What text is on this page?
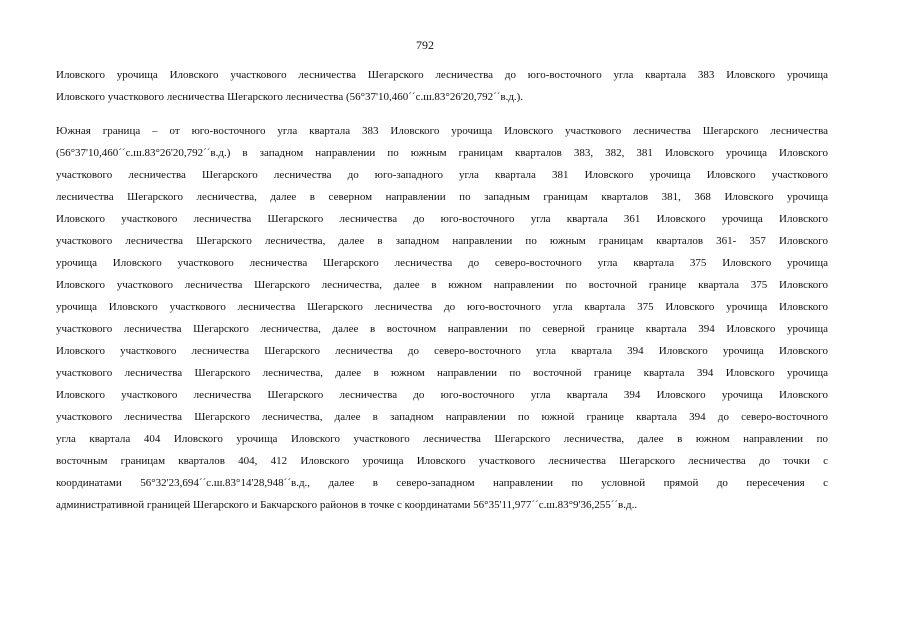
792
Иловского урочища Иловского участкового лесничества Шегарского лесничества до юго-восточного угла квартала 383 Иловского урочища
Иловского участкового лесничества Шегарского лесничества (56°37'10,460´´с.ш.83°26'20,792´´в.д.).
Южная граница – от юго-восточного угла квартала 383 Иловского урочища Иловского участкового лесничества Шегарского лесничества
(56°37'10,460´´с.ш.83°26'20,792´´в.д.) в западном направлении по южным границам кварталов 383, 382, 381 Иловского урочища Иловского
участкового лесничества Шегарского лесничества до юго-западного угла квартала 381 Иловского урочища Иловского участкового
лесничества Шегарского лесничества, далее в северном направлении по западным границам кварталов 381, 368 Иловского урочища
Иловского участкового лесничества Шегарского лесничества до юго-восточного угла квартала 361 Иловского урочища Иловского
участкового лесничества Шегарского лесничества, далее в западном направлении по южным границам кварталов 361- 357 Иловского
урочища Иловского участкового лесничества Шегарского лесничества до северо-восточного угла квартала 375 Иловского урочища
Иловского участкового лесничества Шегарского лесничества, далее в южном направлении по восточной границе квартала 375 Иловского
урочища Иловского участкового лесничества Шегарского лесничества до юго-восточного угла квартала 375 Иловского урочища Иловского
участкового лесничества Шегарского лесничества, далее в восточном направлении по северной границе квартала 394 Иловского урочища
Иловского участкового лесничества Шегарского лесничества до северо-восточного угла квартала 394 Иловского урочища Иловского
участкового лесничества Шегарского лесничества, далее в южном направлении по восточной границе квартала 394 Иловского урочища
Иловского участкового лесничества Шегарского лесничества до юго-восточного угла квартала 394 Иловского урочища Иловского
участкового лесничества Шегарского лесничества, далее в западном направлении по южной границе квартала 394 до северо-восточного
угла квартала 404 Иловского урочища Иловского участкового лесничества Шегарского лесничества, далее в южном направлении по
восточным границам кварталов 404, 412 Иловского урочища Иловского участкового лесничества Шегарского лесничества до точки с
координатами 56°32'23,694´´с.ш.83°14'28,948´´в.д., далее в северо-западном направлении по условной прямой до пересечения с
административной границей Шегарского и Бакчарского районов в точке с координатами 56°35'11,977´´с.ш.83°9'36,255´´в.д..
